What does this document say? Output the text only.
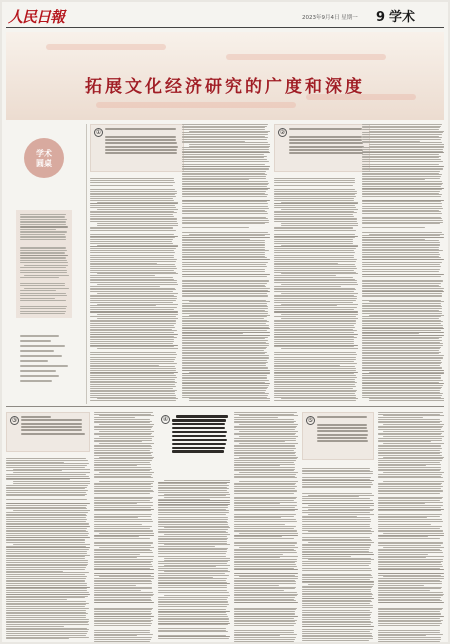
人民日報	2023年9月4日 星期一	9 学术
拓展文化经济研究的广度和深度
学术
圆桌
①	②
③	④	⑤
